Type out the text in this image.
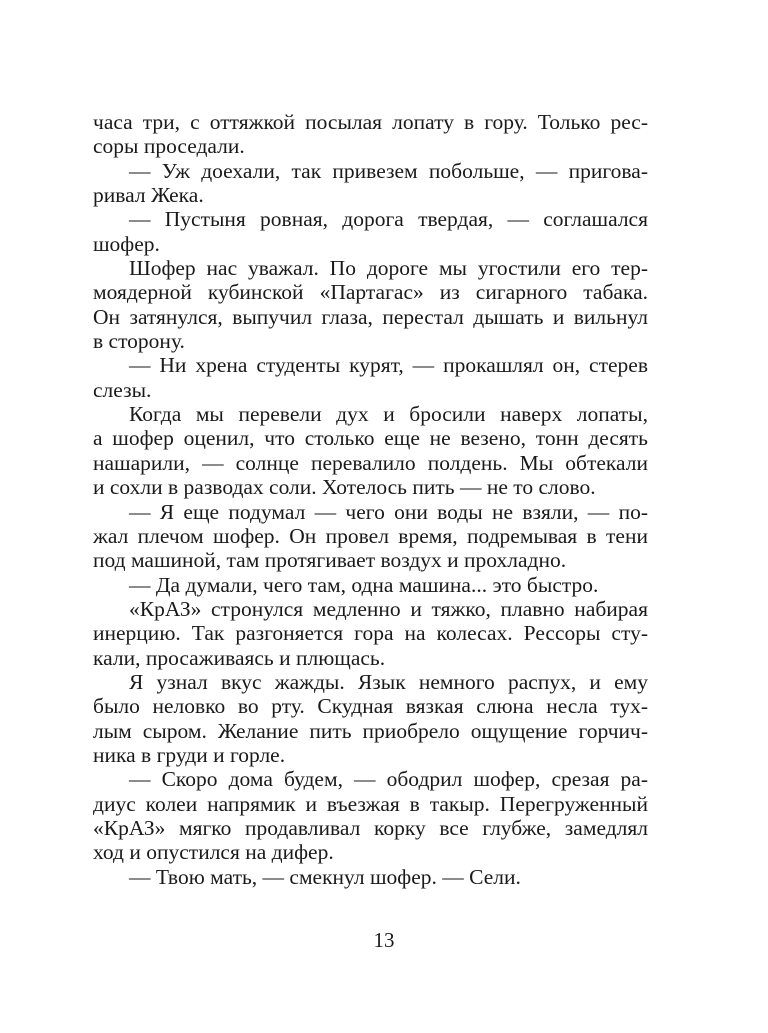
часа три, с оттяжкой посылая лопату в гору. Только рес-
соры проседали.
— Уж доехали, так привезем побольше, — пригова-
ривал Жека.
— Пустыня ровная, дорога твердая, — соглашался
шофер.
Шофер нас уважал. По дороге мы угостили его тер-
моядерной кубинской «Партагас» из сигарного табака.
Он затянулся, выпучил глаза, перестал дышать и вильнул
в сторону.
— Ни хрена студенты курят, — прокашлял он, стерев
слезы.
Когда мы перевели дух и бросили наверх лопаты,
а шофер оценил, что столько еще не везено, тонн десять
нашарили, — солнце перевалило полдень. Мы обтекали
и сохли в разводах соли. Хотелось пить — не то слово.
— Я еще подумал — чего они воды не взяли, — по-
жал плечом шофер. Он провел время, подремывая в тени
под машиной, там протягивает воздух и прохладно.
— Да думали, чего там, одна машина... это быстро.
«КрАЗ» стронулся медленно и тяжко, плавно набирая
инерцию. Так разгоняется гора на колесах. Рессоры сту-
кали, просаживаясь и плющась.
Я узнал вкус жажды. Язык немного распух, и ему
было неловко во рту. Скудная вязкая слюна несла тух-
лым сыром. Желание пить приобрело ощущение горчич-
ника в груди и горле.
— Скоро дома будем, — ободрил шофер, срезая ра-
диус колеи напрямик и въезжая в такыр. Перегруженный
«КрАЗ» мягко продавливал корку все глубже, замедлял
ход и опустился на дифер.
— Твою мать, — смекнул шофер. — Сели.
13
